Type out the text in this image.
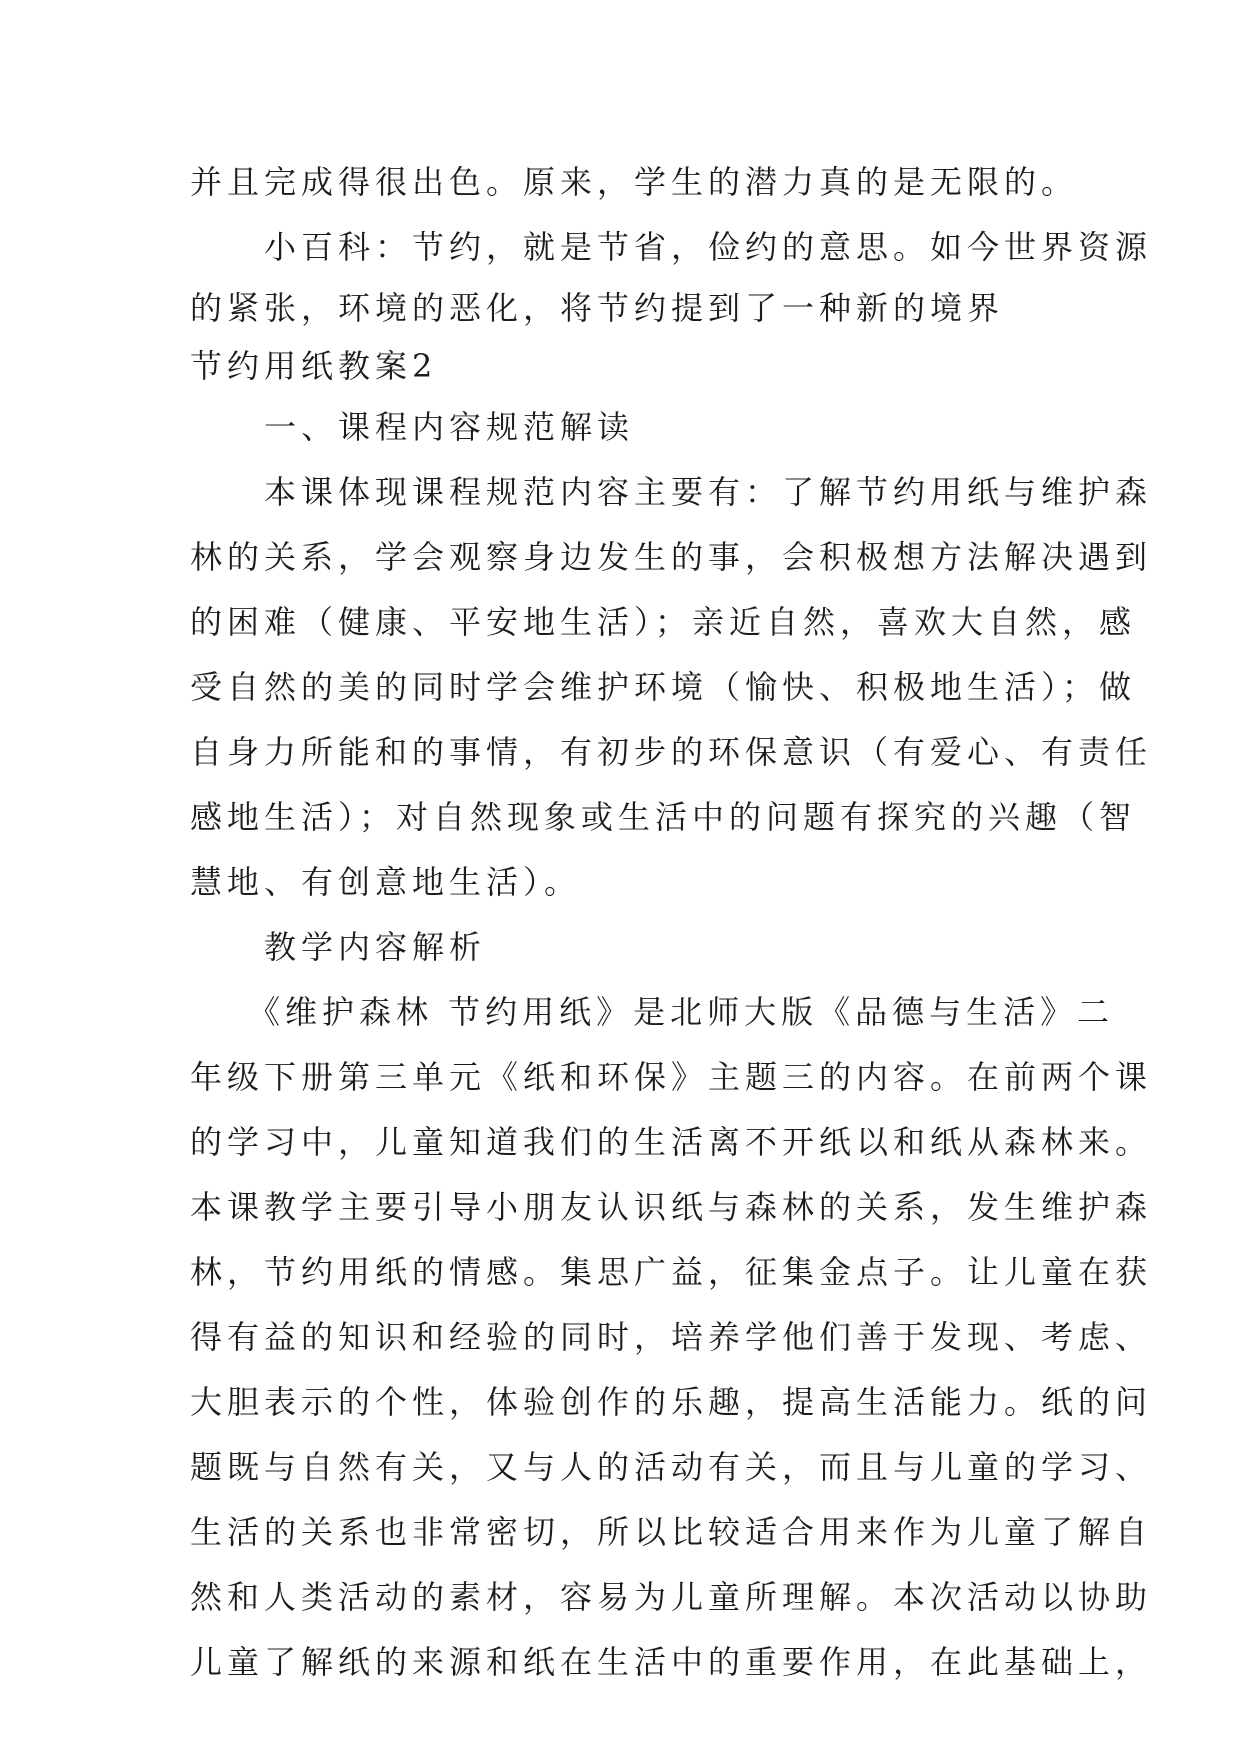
并且完成得很出色。原来，学生的潜力真的是无限的。

　　小百科：节约，就是节省，俭约的意思。如今世界资源

的紧张，环境的恶化，将节约提到了一种新的境界

节约用纸教案2

　　一、课程内容规范解读

　　本课体现课程规范内容主要有：了解节约用纸与维护森

林的关系，学会观察身边发生的事，会积极想方法解决遇到

的困难（健康、平安地生活）；亲近自然，喜欢大自然，感

受自然的美的同时学会维护环境（愉快、积极地生活）；做

自身力所能和的事情，有初步的环保意识（有爱心、有责任

感地生活）；对自然现象或生活中的问题有探究的兴趣（智

慧地、有创意地生活）。

　　教学内容解析

　　《维护森林 节约用纸》是北师大版《品德与生活》二

年级下册第三单元《纸和环保》主题三的内容。在前两个课

的学习中，儿童知道我们的生活离不开纸以和纸从森林来。

本课教学主要引导小朋友认识纸与森林的关系，发生维护森

林，节约用纸的情感。集思广益，征集金点子。让儿童在获

得有益的知识和经验的同时，培养学他们善于发现、考虑、

大胆表示的个性，体验创作的乐趣，提高生活能力。纸的问

题既与自然有关，又与人的活动有关，而且与儿童的学习、

生活的关系也非常密切，所以比较适合用来作为儿童了解自

然和人类活动的素材，容易为儿童所理解。本次活动以协助

儿童了解纸的来源和纸在生活中的重要作用，在此基础上，
